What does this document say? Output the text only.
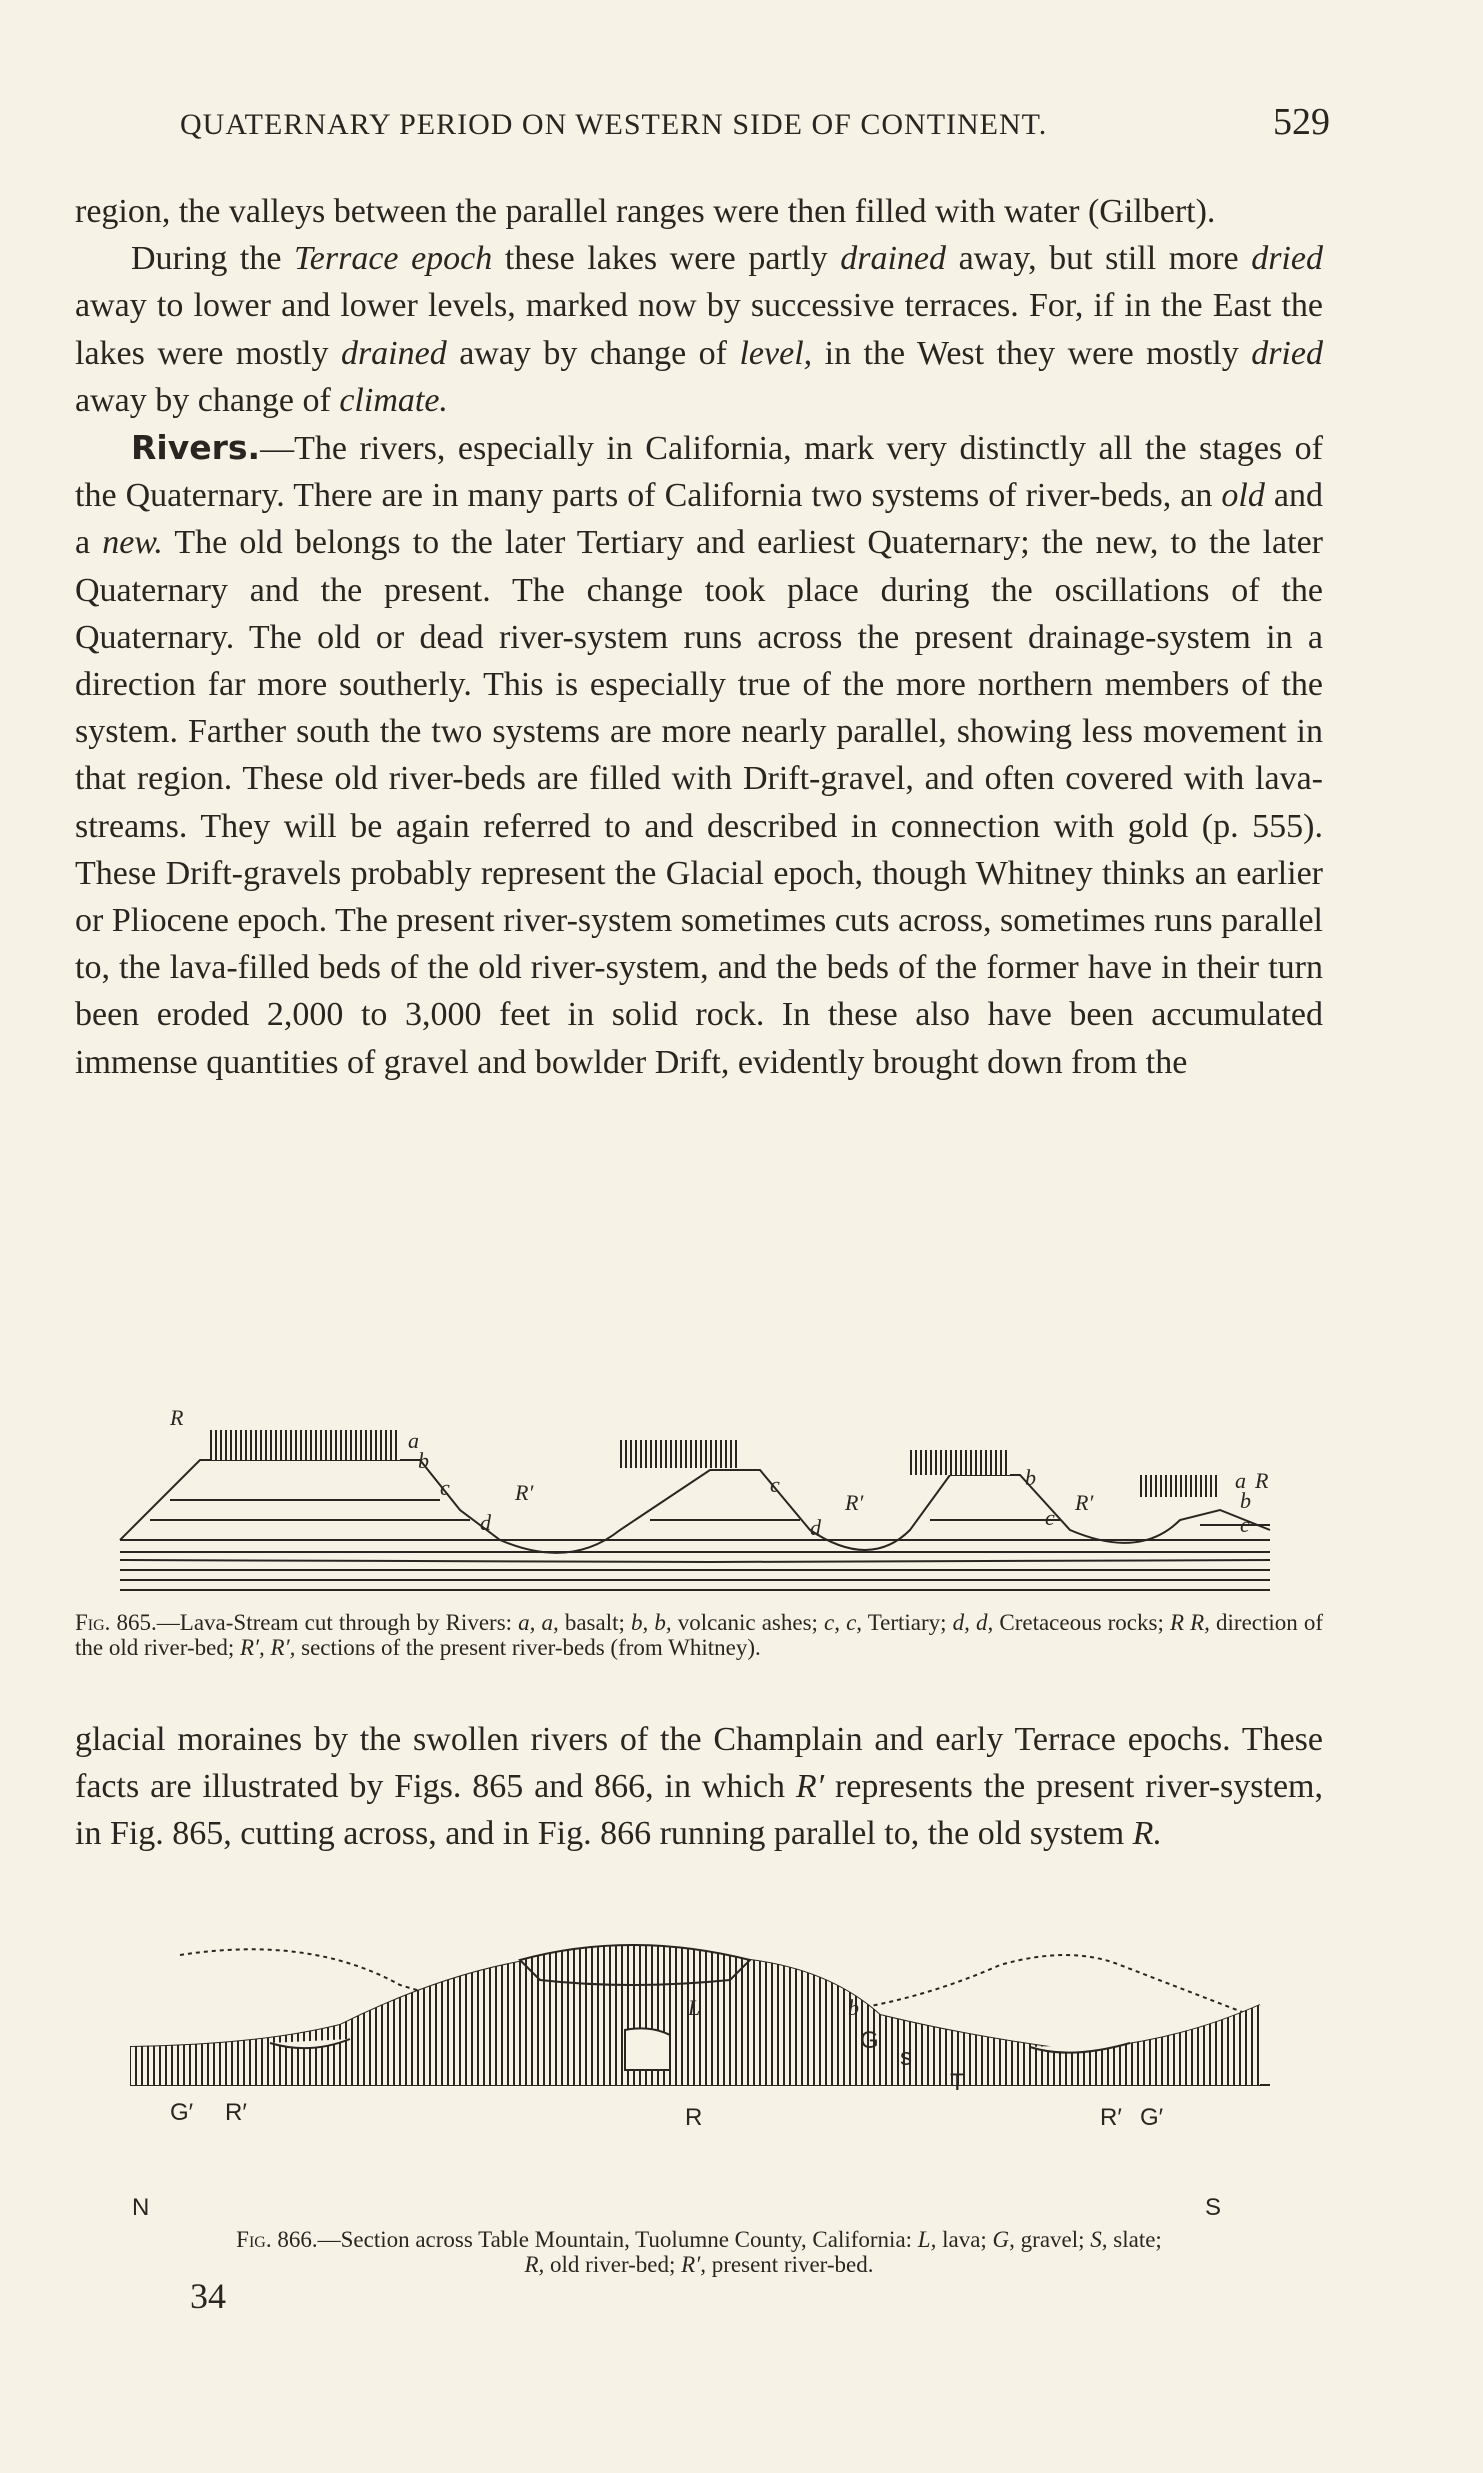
QUATERNARY PERIOD ON WESTERN SIDE OF CONTINENT.	529

region, the valleys between the parallel ranges were then filled with water (Gilbert).

During the Terrace epoch these lakes were partly drained away, but still more dried away to lower and lower levels, marked now by successive terraces. For, if in the East the lakes were mostly drained away by change of level, in the West they were mostly dried away by change of climate.

Rivers.—The rivers, especially in California, mark very distinctly all the stages of the Quaternary. There are in many parts of California two systems of river-beds, an old and a new. The old belongs to the later Tertiary and earliest Quaternary; the new, to the later Quaternary and the present. The change took place during the oscillations of the Quaternary. The old or dead river-system runs across the present drainage-system in a direction far more southerly. This is especially true of the more northern members of the system. Farther south the two systems are more nearly parallel, showing less movement in that region. These old river-beds are filled with Drift-gravel, and often covered with lava-streams. They will be again referred to and described in connection with gold (p. 555). These Drift-gravels probably represent the Glacial epoch, though Whitney thinks an earlier or Pliocene epoch. The present river-system sometimes cuts across, sometimes runs parallel to, the lava-filled beds of the old river-system, and the beds of the former have in their turn been eroded 2,000 to 3,000 feet in solid rock. In these also have been accumulated immense quantities of gravel and bowlder Drift, evidently brought down from the

R
a
b
c	R′
d
c
R′
d
b
c
R′
a
b
R
c

Fig. 865.—Lava-Stream cut through by Rivers: a, a, basalt; b, b, volcanic ashes; c, c, Tertiary; d, d, Cretaceous rocks; R R, direction of the old river-bed; R′, R′, sections of the present river-beds (from Whitney).

glacial moraines by the swollen rivers of the Champlain and early Terrace epochs. These facts are illustrated by Figs. 865 and 866, in which R′ represents the present river-system, in Fig. 865, cutting across, and in Fig. 866 running parallel to, the old system R.

L	b
G
s
T
G′ R′	R	R′ G′
N	S

Fig. 866.—Section across Table Mountain, Tuolumne County, California: L, lava; G, gravel; S, slate;
R, old river-bed; R′, present river-bed.

34
